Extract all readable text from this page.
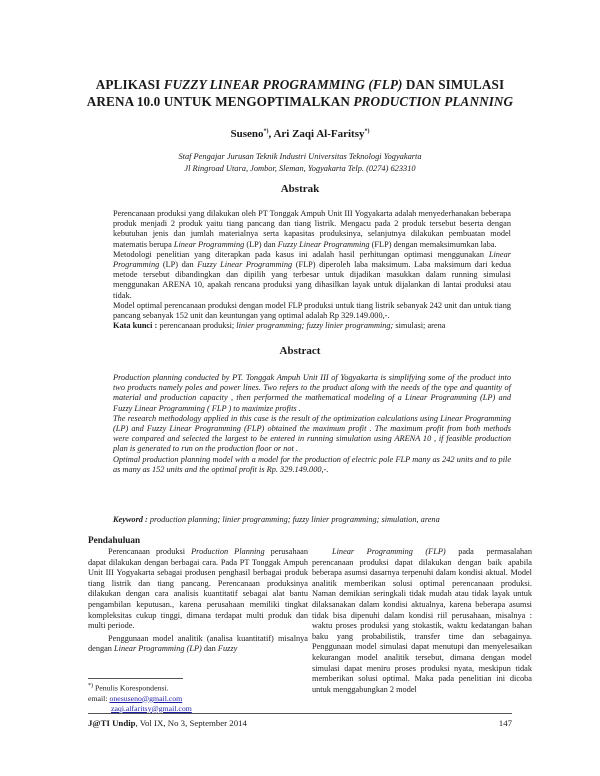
APLIKASI FUZZY LINEAR PROGRAMMING (FLP) DAN SIMULASI
ARENA 10.0 UNTUK MENGOPTIMALKAN PRODUCTION PLANNING
Suseno*), Ari Zaqi Al-Faritsy*)
Staf Pengajar Jurusan Teknik Industri Universitas Teknologi Yogyakarta
Jl Ringroad Utara, Jombor, Sleman, Yogyakarta Telp. (0274) 623310
Abstrak

Perencanaan produksi yang dilakukan oleh PT Tonggak Ampuh Unit III Yogyakarta adalah menyederhanakan beberapa produk menjadi 2 produk yaitu tiang pancang dan tiang listrik. Mengacu pada 2 produk tersebut beserta dengan kebutuhan jenis dan jumlah materialnya serta kapasitas produksinya, selanjutnya dilakukan pembuatan model matematis berupa Linear Programming (LP) dan Fuzzy Linear Programming (FLP) dengan memaksimumkan laba.

Metodologi penelitian yang diterapkan pada kasus ini adalah hasil perhitungan optimasi menggunakan Linear Programming (LP) dan Fuzzy Linear Programming (FLP) diperoleh laba maksimum. Laba maksimum dari kedua metode tersebut dibandingkan dan dipilih yang terbesar untuk dijadikan masukkan dalam running simulasi menggunakan ARENA 10, apakah rencana produksi yang dihasilkan layak untuk dijalankan di lantai produksi atau tidak.

Model optimal perencanaan produksi dengan model FLP produksi untuk tiang listrik sebanyak 242 unit dan untuk tiang pancang sebanyak 152 unit dan keuntungan yang optimal adalah Rp 329.149.000,-.

Kata kunci : perencanaan produksi; linier programming; fuzzy linier programming; simulasi; arena
Abstract

Production planning conducted by PT. Tonggak Ampuh Unit III of Yogyakarta is simplifying some of the product into two products namely poles and power lines. Two refers to the product along with the needs of the type and quantity of material and production capacity , then performed the mathematical modeling of a Linear Programming (LP) and Fuzzy Linear Programming ( FLP ) to maximize profits .

The research methodology applied in this case is the result of the optimization calculations using Linear Programming (LP) and Fuzzy Linear Programming (FLP) obtained the maximum profit . The maximum profit from both methods were compared and selected the largest to be entered in running simulation using ARENA 10 , if feasible production plan is generated to run on the production floor or not .

Optimal production planning model with a model for the production of electric pole FLP many as 242 units and to pile as many as 152 units and the optimal profit is Rp. 329.149.000,-.

Keyword : production planning; linier programming; fuzzy linier programming; simulation, arena
Pendahuluan

Perencanaan produksi Production Planning perusahaan dapat dilakukan dengan berbagai cara. Pada PT Tonggak Ampuh Unit III Yogyakarta sebagai produsen penghasil berbagai produk tiang listrik dan tiang pancang. Perencanaan produksinya dilakukan dengan cara analisis kuantitatif sebagai alat bantu pengambilan keputusan., karena perusahaan memiliki tingkat kompleksitas cukup tinggi, dimana terdapat multi produk dan multi periode.

Penggunaan model analitik (analisa kuantitatif) misalnya dengan Linear Programming (LP) dan Fuzzy

Linear Programming (FLP) pada permasalahan perencanaan produksi dapat dilakukan dengan baik apabila beberapa asumsi dasarnya terpenuhi dalam kondisi aktual. Model analitik memberikan solusi optimal perencanaan produksi. Naman demikian seringkali tidak mudah atau tidak layak untuk dilaksanakan dalam kondisi aktualnya, karena beberapa asumsi tidak bisa dipenuhi dalam kondisi riil perusahaan, misalnya : waktu proses produksi yang stokastik, waktu kedatangan bahan baku yang probabilistik, transfer time dan sebagainya. Penggunaan model simulasi dapat menutupi dan menyelesaikan kekurangan model analitik tersebut, dimana dengan model simulasi dapat meniru proses produksi nyata, meskipun tidak memberikan solusi optimal. Maka pada penelitian ini dicoba untuk menggabungkan 2 model

*) Penulis Korespondensi.
email: onesuseno@gmail.com
zaqi.alfaritsy@gmail.com
J@TI Undip, Vol IX, No 3, September 2014	147
